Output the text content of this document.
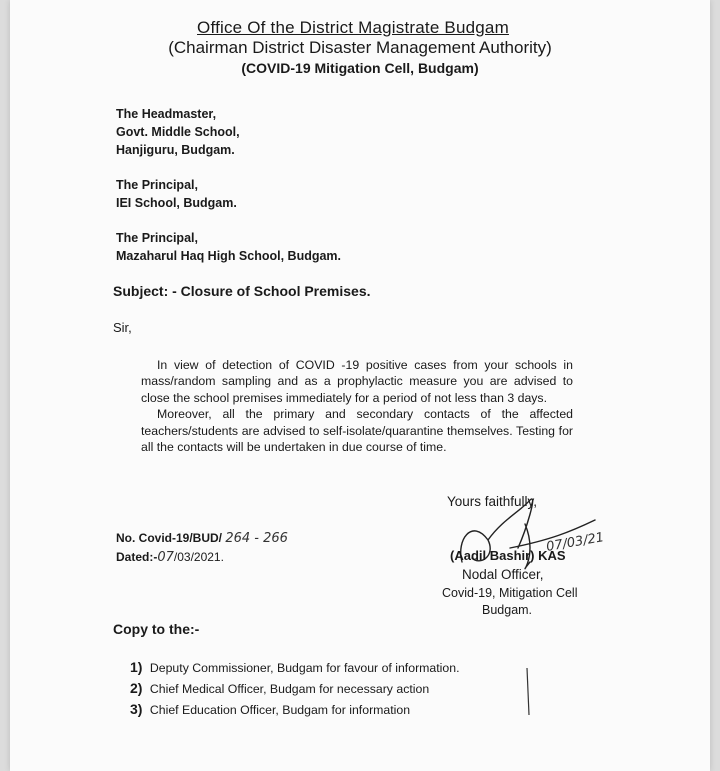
Office Of the District Magistrate Budgam
(Chairman District Disaster Management Authority)
(COVID-19 Mitigation Cell, Budgam)
The Headmaster,
Govt. Middle School,
Hanjiguru, Budgam.
The Principal,
IEI School, Budgam.
The Principal,
Mazaharul Haq High School, Budgam.
Subject: - Closure of School Premises.
Sir,

In view of detection of COVID -19 positive cases from your schools in mass/random sampling and as a prophylactic measure you are advised to close the school premises immediately for a period of not less than 3 days.

Moreover, all the primary and secondary contacts of the affected teachers/students are advised to self-isolate/quarantine themselves. Testing for all the contacts will be undertaken in due course of time.

Yours faithfully,
No. Covid-19/BUD/ 264 - 266
Dated:-07/03/2021.
07/03/21
(Aadil Bashir) KAS
Nodal Officer,
Covid-19, Mitigation Cell
Budgam.
Copy to the:-
1) Deputy Commissioner, Budgam for favour of information.
2) Chief Medical Officer, Budgam for necessary action
3) Chief Education Officer, Budgam for information
